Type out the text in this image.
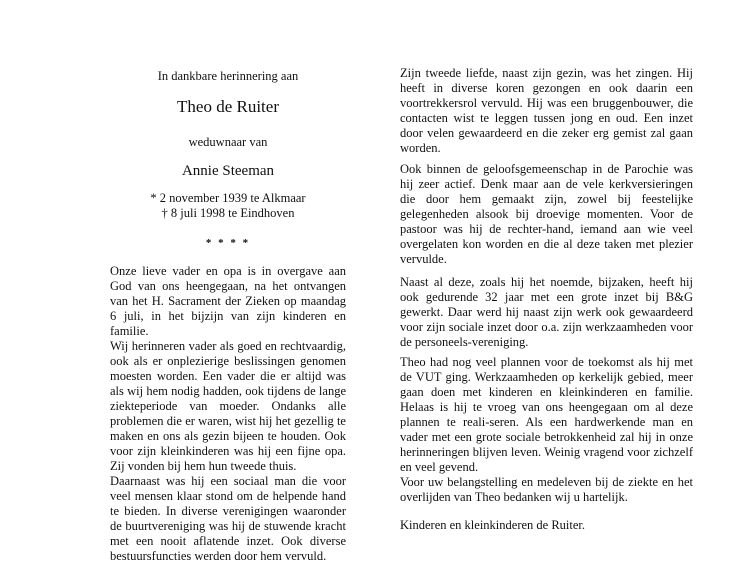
In dankbare herinnering aan
Theo de Ruiter
weduwnaar van
Annie Steeman
* 2 november 1939 te Alkmaar
† 8 juli 1998 te Eindhoven
* * * *

Onze lieve vader en opa is in overgave aan God van ons heengegaan, na het ontvangen van het H. Sacrament der Zieken op maandag 6 juli, in het bijzijn van zijn kinderen en familie.

Wij herinneren vader als goed en rechtvaardig, ook als er onplezierige beslissingen genomen moesten worden. Een vader die er altijd was als wij hem nodig hadden, ook tijdens de lange ziekteperiode van moeder. Ondanks alle problemen die er waren, wist hij het gezellig te maken en ons als gezin bijeen te houden. Ook voor zijn kleinkinderen was hij een fijne opa. Zij vonden bij hem hun tweede thuis.

Daarnaast was hij een sociaal man die voor veel mensen klaar stond om de helpende hand te bieden. In diverse verenigingen waaronder de buurtvereniging was hij de stuwende kracht met een nooit aflatende inzet. Ook diverse bestuursfuncties werden door hem vervuld.

Zijn tweede liefde, naast zijn gezin, was het zingen. Hij heeft in diverse koren gezongen en ook daarin een voortrekkersrol vervuld. Hij was een bruggenbouwer, die contacten wist te leggen tussen jong en oud. Een inzet door velen gewaardeerd en die zeker erg gemist zal gaan worden.

Ook binnen de geloofsgemeenschap in de Parochie was hij zeer actief. Denk maar aan de vele kerkversieringen die door hem gemaakt zijn, zowel bij feestelijke gelegenheden alsook bij droevige momenten. Voor de pastoor was hij de rechter-hand, iemand aan wie veel overgelaten kon worden en die al deze taken met plezier vervulde.

Naast al deze, zoals hij het noemde, bijzaken, heeft hij ook gedurende 32 jaar met een grote inzet bij B&G gewerkt. Daar werd hij naast zijn werk ook gewaardeerd voor zijn sociale inzet door o.a. zijn werkzaamheden voor de personeels-vereniging.

Theo had nog veel plannen voor de toekomst als hij met de VUT ging. Werkzaamheden op kerkelijk gebied, meer gaan doen met kinderen en kleinkinderen en familie. Helaas is hij te vroeg van ons heengegaan om al deze plannen te reali-seren. Als een hardwerkende man en vader met een grote sociale betrokkenheid zal hij in onze herinneringen blijven leven. Weinig vragend voor zichzelf en veel gevend.

Voor uw belangstelling en medeleven bij de ziekte en het overlijden van Theo bedanken wij u hartelijk.

Kinderen en kleinkinderen de Ruiter.
